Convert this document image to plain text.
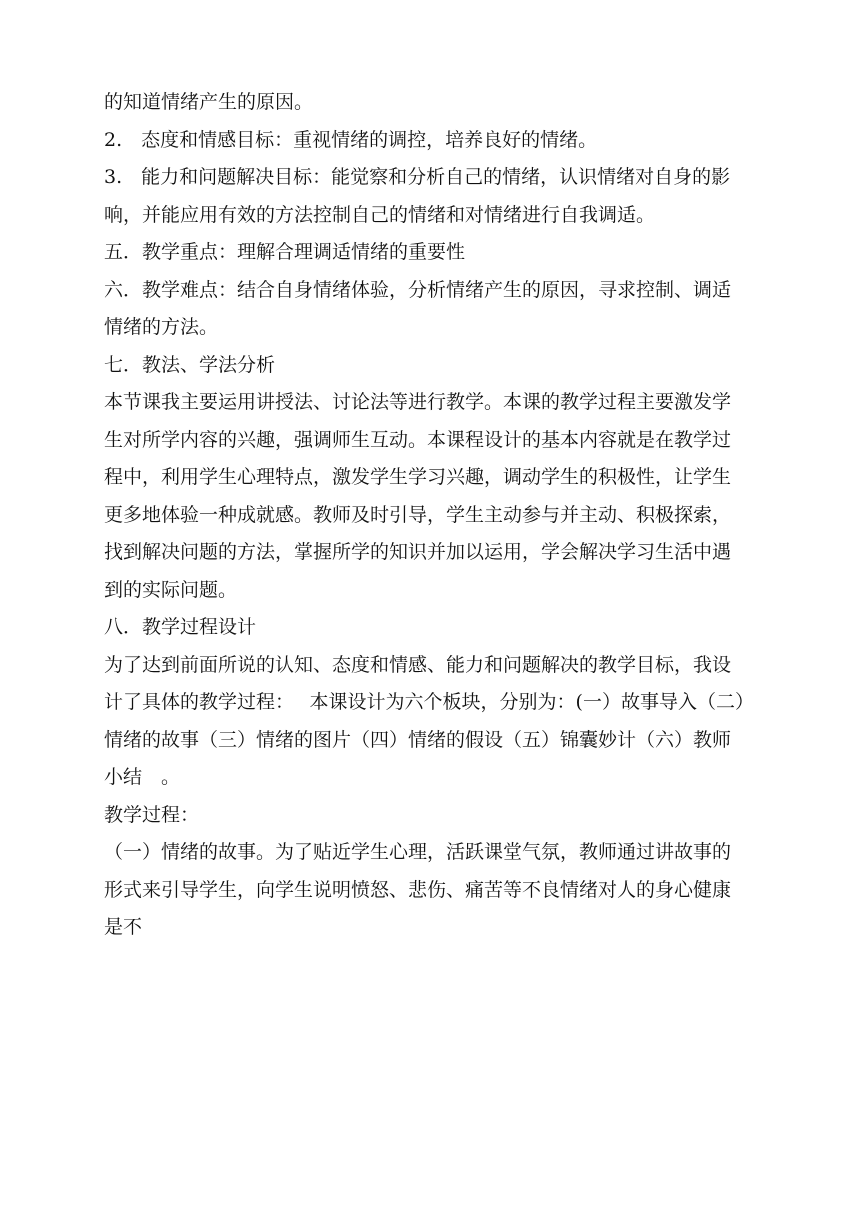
的知道情绪产生的原因。
2.　态度和情感目标：重视情绪的调控，培养良好的情绪。
3.　能力和问题解决目标：能觉察和分析自己的情绪，认识情绪对自身的影
响，并能应用有效的方法控制自己的情绪和对情绪进行自我调适。
五．教学重点：理解合理调适情绪的重要性
六．教学难点：结合自身情绪体验，分析情绪产生的原因，寻求控制、调适
情绪的方法。
七．教法、学法分析
本节课我主要运用讲授法、讨论法等进行教学。本课的教学过程主要激发学
生对所学内容的兴趣，强调师生互动。本课程设计的基本内容就是在教学过
程中，利用学生心理特点，激发学生学习兴趣，调动学生的积极性，让学生
更多地体验一种成就感。教师及时引导，学生主动参与并主动、积极探索，
找到解决问题的方法，掌握所学的知识并加以运用，学会解决学习生活中遇
到的实际问题。
八．教学过程设计
为了达到前面所说的认知、态度和情感、能力和问题解决的教学目标，我设
计了具体的教学过程：　 本课设计为六个板块，分别为：(一）故事导入（二）
情绪的故事（三）情绪的图片（四）情绪的假设（五）锦囊妙计（六）教师
小结　。
教学过程：
（一）情绪的故事。为了贴近学生心理，活跃课堂气氛，教师通过讲故事的
形式来引导学生，向学生说明愤怒、悲伤、痛苦等不良情绪对人的身心健康
是不
